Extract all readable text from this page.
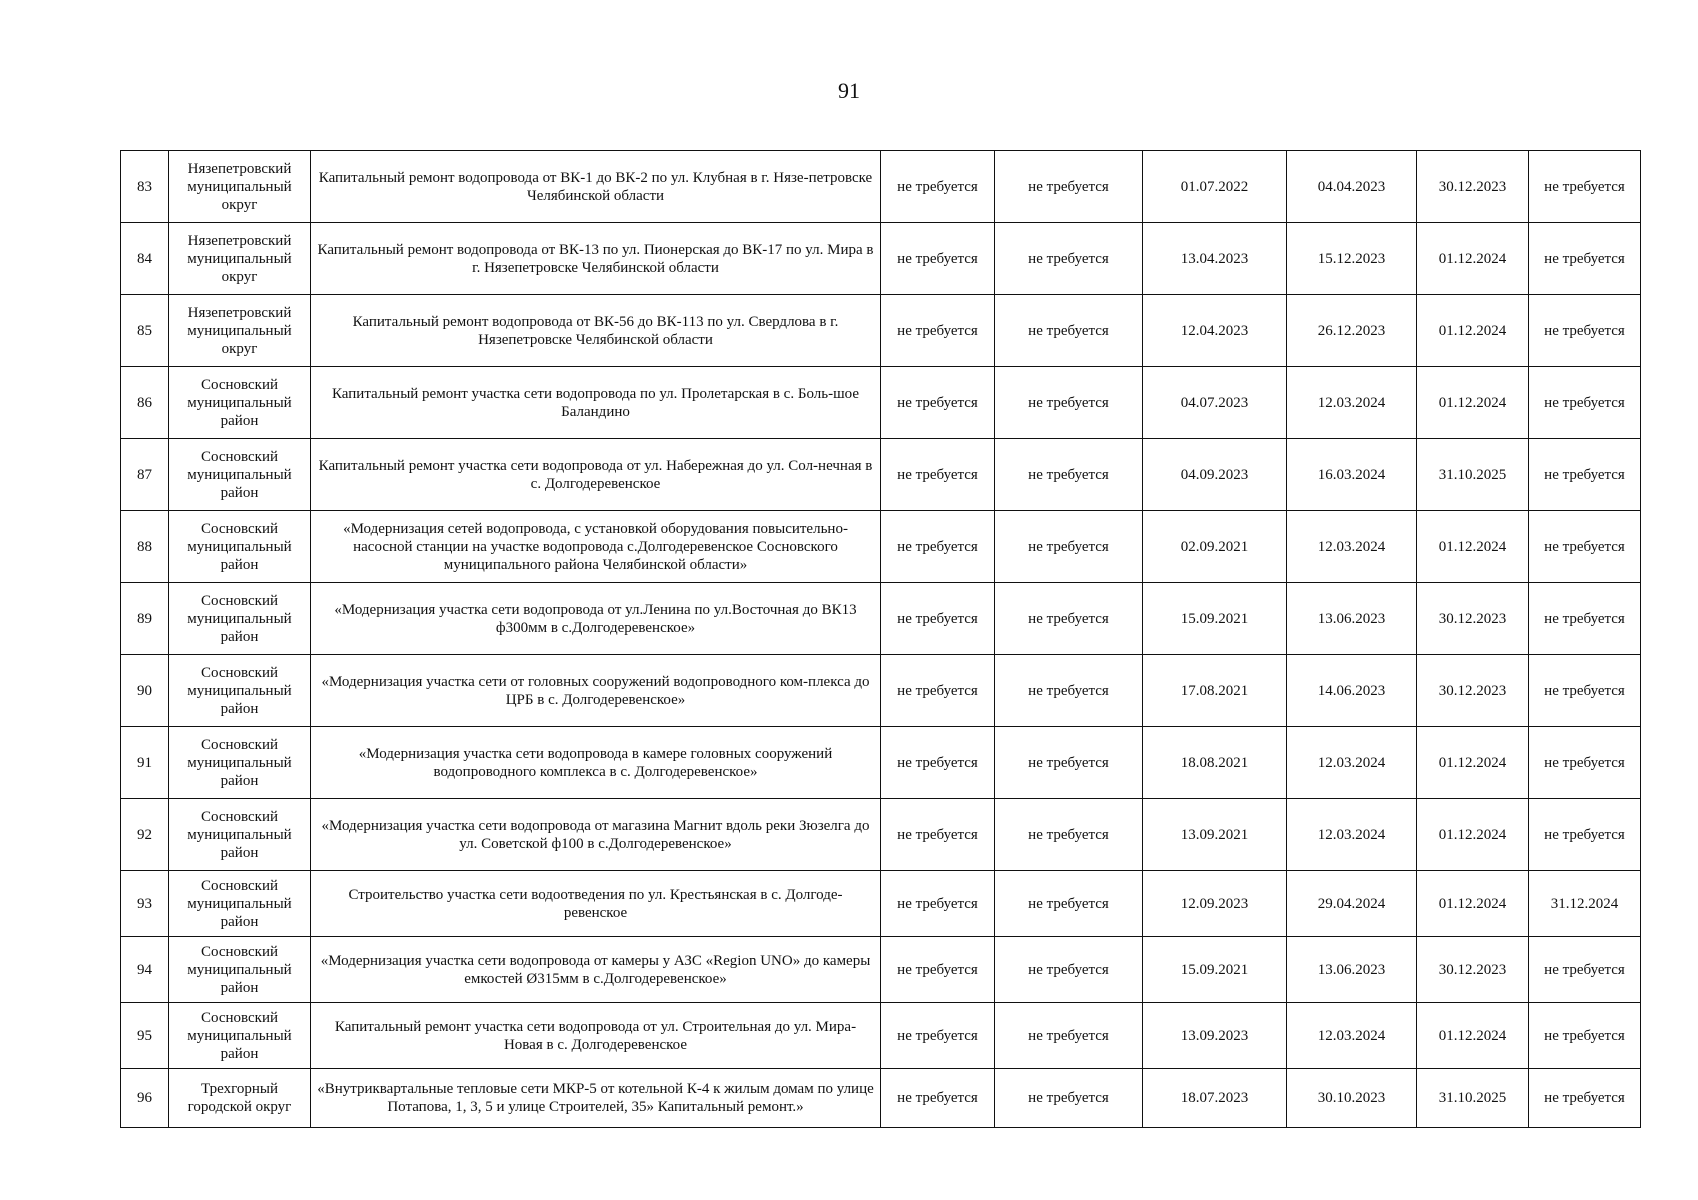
91
83	Нязепетровский муниципальный округ	Капитальный ремонт водопровода от ВК-1 до ВК-2 по ул. Клубная в г. Нязе-петровске Челябинской области	не требуется	не требуется	01.07.2022	04.04.2023	30.12.2023	не требуется
84	Нязепетровский муниципальный округ	Капитальный ремонт водопровода от ВК-13 по ул. Пионерская до ВК-17 по ул. Мира в г. Нязепетровске Челябинской области	не требуется	не требуется	13.04.2023	15.12.2023	01.12.2024	не требуется
85	Нязепетровский муниципальный округ	Капитальный ремонт водопровода от ВК-56 до ВК-113 по ул. Свердлова в г. Нязепетровске Челябинской области	не требуется	не требуется	12.04.2023	26.12.2023	01.12.2024	не требуется
86	Сосновский муниципальный район	Капитальный ремонт участка сети водопровода по ул. Пролетарская в с. Боль-шое Баландино	не требуется	не требуется	04.07.2023	12.03.2024	01.12.2024	не требуется
87	Сосновский муниципальный район	Капитальный ремонт участка сети водопровода от ул. Набережная до ул. Сол-нечная в с. Долгодеревенское	не требуется	не требуется	04.09.2023	16.03.2024	31.10.2025	не требуется
88	Сосновский муниципальный район	«Модернизация сетей водопровода, с установкой оборудования повысительно-насосной станции на участке водопровода с.Долгодеревенское Сосновского муниципального района Челябинской области»	не требуется	не требуется	02.09.2021	12.03.2024	01.12.2024	не требуется
89	Сосновский муниципальный район	«Модернизация участка сети водопровода от ул.Ленина по ул.Восточная до ВК13 ф300мм в с.Долгодеревенское»	не требуется	не требуется	15.09.2021	13.06.2023	30.12.2023	не требуется
90	Сосновский муниципальный район	«Модернизация участка сети от головных сооружений водопроводного ком-плекса до ЦРБ в с. Долгодеревенское»	не требуется	не требуется	17.08.2021	14.06.2023	30.12.2023	не требуется
91	Сосновский муниципальный район	«Модернизация участка сети водопровода в камере головных сооружений водопроводного комплекса в с. Долгодеревенское»	не требуется	не требуется	18.08.2021	12.03.2024	01.12.2024	не требуется
92	Сосновский муниципальный район	«Модернизация участка сети водопровода от магазина Магнит вдоль реки Зюзелга до ул. Советской ф100 в с.Долгодеревенское»	не требуется	не требуется	13.09.2021	12.03.2024	01.12.2024	не требуется
93	Сосновский муниципальный район	Строительство участка сети водоотведения по ул. Крестьянская в с. Долгоде-ревенское	не требуется	не требуется	12.09.2023	29.04.2024	01.12.2024	31.12.2024
94	Сосновский муниципальный район	«Модернизация участка сети водопровода от камеры у АЗС «Region UNO» до камеры емкостей Ø315мм в с.Долгодеревенское»	не требуется	не требуется	15.09.2021	13.06.2023	30.12.2023	не требуется
95	Сосновский муниципальный район	Капитальный ремонт участка сети водопровода от ул. Строительная до ул. Мира-Новая в с. Долгодеревенское	не требуется	не требуется	13.09.2023	12.03.2024	01.12.2024	не требуется
96	Трехгорный городской округ	«Внутриквартальные тепловые сети МКР-5 от котельной К-4 к жилым домам по улице Потапова, 1, 3, 5 и улице Строителей, 35» Капитальный ремонт.»	не требуется	не требуется	18.07.2023	30.10.2023	31.10.2025	не требуется
